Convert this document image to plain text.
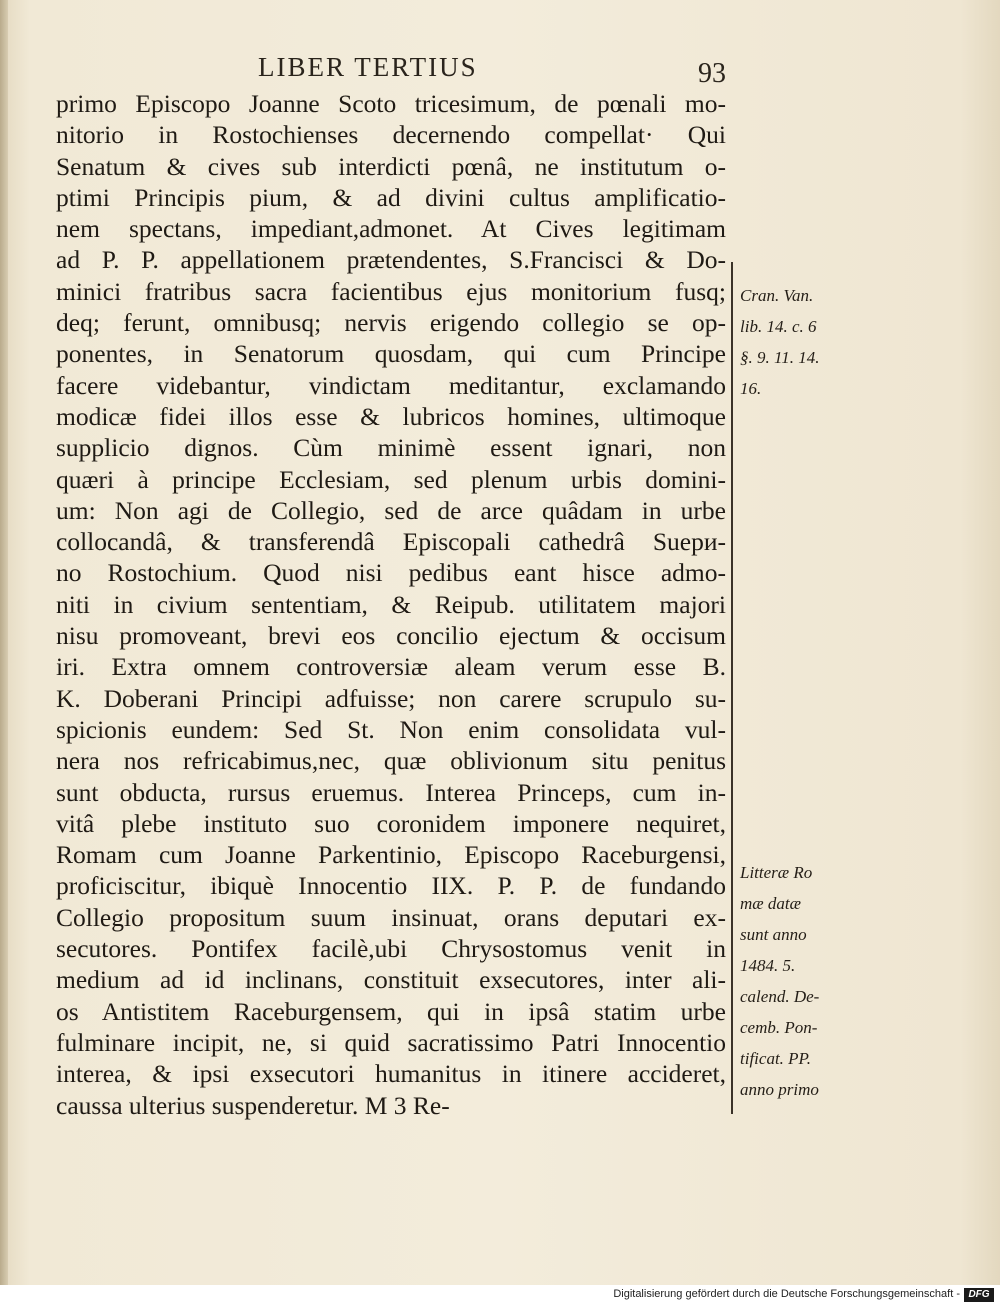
LIBER TERTIUS	93
primo Episcopo Joanne Scoto tricesimum, de pœnali mo-
nitorio in Rostochienses decernendo compellat· Qui
Senatum & cives sub interdicti pœnâ, ne institutum o-
ptimi Principis pium, & ad divini cultus amplificatio-
nem spectans, impediant,admonet. At Cives legitimam
ad P. P. appellationem prætendentes, S.Francisci & Do-
minici fratribus sacra facientibus ejus monitorium fusq;
deq; ferunt, omnibusq; nervis erigendo collegio se op-
ponentes, in Senatorum quosdam, qui cum Principe
facere videbantur, vindictam meditantur, exclamando
modicæ fidei illos esse & lubricos homines, ultimoque
supplicio dignos. Cùm minimè essent ignari, non
quæri à principe Ecclesiam, sed plenum urbis domini-
um: Non agi de Collegio, sed de arce quâdam in urbe
collocandâ, & transferendâ Episcopali cathedrâ Suери-
no Rostochium. Quod nisi pedibus eant hisce admo-
niti in civium sententiam, & Reipub. utilitatem majori
nisu promoveant, brevi eos concilio ejectum & occisum
iri. Extra omnem controversiæ aleam verum esse B.
K. Doberani Principi adfuisse; non carere scrupulo su-
spicionis eundem: Sed St. Non enim consolidata vul-
nera nos refricabimus,nec, quæ oblivionum situ penitus
sunt obducta, rursus eruemus. Interea Princeps, cum in-
vitâ plebe instituto suo coronidem imponere nequiret,
Romam cum Joanne Parkentinio, Episcopo Raceburgensi,
proficiscitur, ibiquè Innocentio IIX. P. P. de fundando
Collegio propositum suum insinuat, orans deputari ex-
secutores. Pontifex facilè,ubi Chrysostomus venit in
medium ad id inclinans, constituit exsecutores, inter ali-
os Antistitem Raceburgensem, qui in ipsâ statim urbe
fulminare incipit, ne, si quid sacratissimo Patri Innocentio
interea, & ipsi exsecutori humanitus in itinere accideret,
caussa ulterius suspenderetur. M 3 Re-
Cran. Van.
lib. 14. c. 6
§. 9. 11. 14.
16.
Litteræ Ro
mæ datæ
sunt anno
1484. 5.
calend. De-
cemb. Pon-
tificat. PP.
anno primo
Digitalisierung gefördert durch die Deutsche Forschungsgemeinschaft - DFG
